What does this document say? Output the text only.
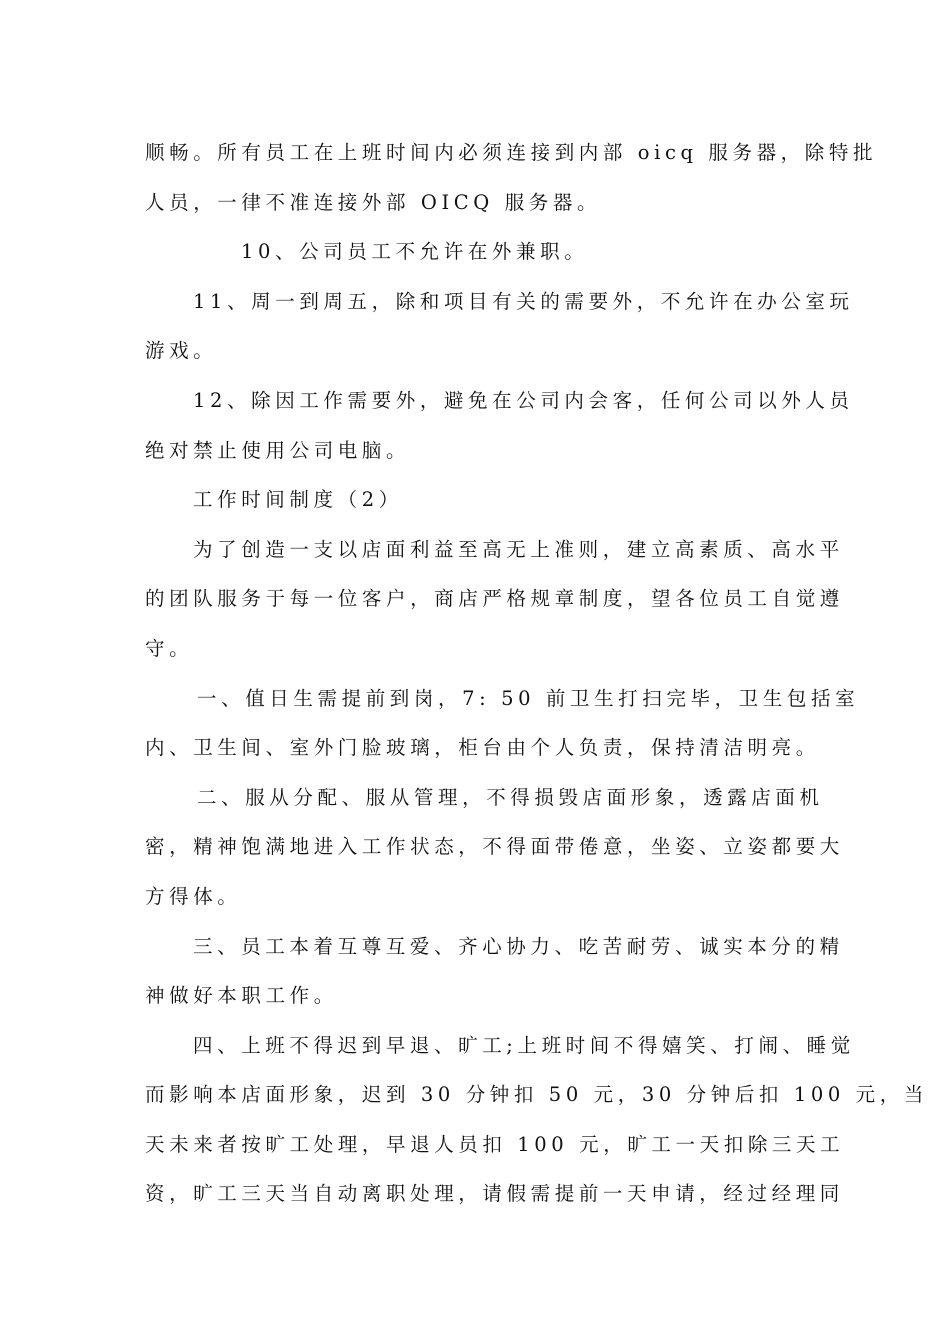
顺畅。所有员工在上班时间内必须连接到内部 oicq 服务器，除特批
人员，一律不准连接外部 OICQ 服务器。
10、公司员工不允许在外兼职。
11、周一到周五，除和项目有关的需要外，不允许在办公室玩
游戏。
12、除因工作需要外，避免在公司内会客，任何公司以外人员
绝对禁止使用公司电脑。
工作时间制度（2）
为了创造一支以店面利益至高无上准则，建立高素质、高水平
的团队服务于每一位客户，商店严格规章制度，望各位员工自觉遵
守。
一、值日生需提前到岗，7: 50 前卫生打扫完毕，卫生包括室
内、卫生间、室外门脸玻璃，柜台由个人负责，保持清洁明亮。
二、服从分配、服从管理，不得损毁店面形象，透露店面机
密，精神饱满地进入工作状态，不得面带倦意，坐姿、立姿都要大
方得体。
三、员工本着互尊互爱、齐心协力、吃苦耐劳、诚实本分的精
神做好本职工作。
四、上班不得迟到早退、旷工;上班时间不得嬉笑、打闹、睡觉
而影响本店面形象，迟到 30 分钟扣 50 元，30 分钟后扣 100 元，当
天未来者按旷工处理，早退人员扣 100 元，旷工一天扣除三天工
资，旷工三天当自动离职处理，请假需提前一天申请，经过经理同
